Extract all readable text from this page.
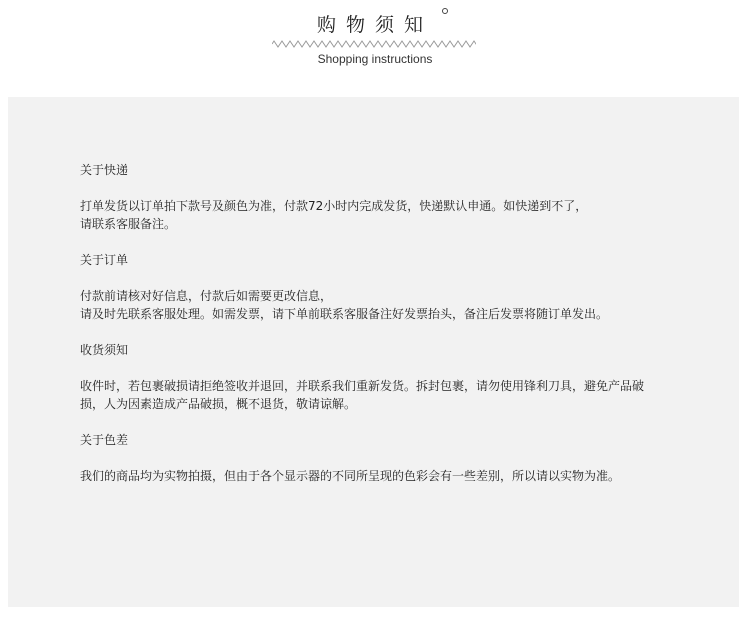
购物须知
Shopping instructions
关于快递
打单发货以订单拍下款号及颜色为准，付款72小时内完成发货，快递默认申通。如快递到不了，
请联系客服备注。
关于订单
付款前请核对好信息，付款后如需要更改信息，
请及时先联系客服处理。如需发票，请下单前联系客服备注好发票抬头，备注后发票将随订单发出。
收货须知
收件时，若包裹破损请拒绝签收并退回，并联系我们重新发货。拆封包裹，请勿使用锋利刀具，避免产品破
损，人为因素造成产品破损，概不退货，敬请谅解。
关于色差
我们的商品均为实物拍摄，但由于各个显示器的不同所呈现的色彩会有一些差别，所以请以实物为准。
